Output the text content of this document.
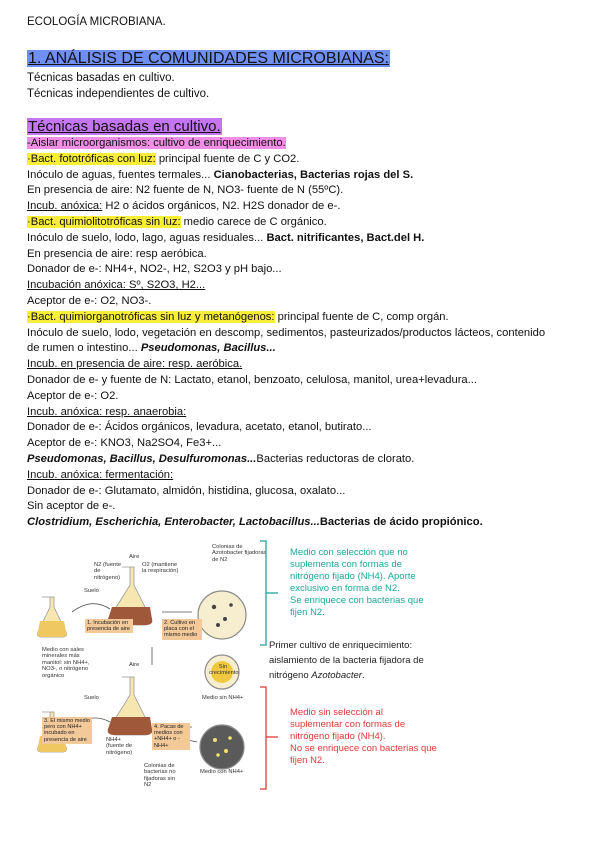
ECOLOGÍA MICROBIANA.
1. ANÁLISIS DE COMUNIDADES MICROBIANAS:
Técnicas basadas en cultivo.
Técnicas independientes de cultivo.
Técnicas basadas en cultivo.
-Aislar microorganismos: cultivo de enriquecimiento.
·Bact. fototróficas con luz: principal fuente de C y CO2.
Inóculo de aguas, fuentes termales... Cianobacterias, Bacterias rojas del S.
En presencia de aire: N2 fuente de N, NO3- fuente de N (55ºC).
Incub. anóxica: H2 o ácidos orgánicos, N2. H2S donador de e-.
·Bact. quimiolitotróficas sin luz: medio carece de C orgánico.
Inóculo de suelo, lodo, lago, aguas residuales... Bact. nitrificantes, Bact.del H.
En presencia de aire: resp aeróbica.
Donador de e-: NH4+, NO2-, H2, S2O3 y pH bajo...
Incubación anóxica: Sº, S2O3, H2...
Aceptor de e-: O2, NO3-.
·Bact. quimiorganotróficas sin luz y metanógenos: principal fuente de C, comp orgán.
Inóculo de suelo, lodo, vegetación en descomp, sedimentos, pasteurizados/productos lácteos, contenido
de rumen o intestino... Pseudomonas, Bacillus...
Incub. en presencia de aire: resp. aeróbica.
Donador de e- y fuente de N: Lactato, etanol, benzoato, celulosa, manitol, urea+levadura...
Aceptor de e-: O2.
Incub. anóxica: resp. anaerobia:
Donador de e-: Ácidos orgánicos, levadura, acetato, etanol, butirato...
Aceptor de e-: KNO3, Na2SO4, Fe3+...
Pseudomonas, Bacillus, Desulfuromonas...Bacterias reductoras de clorato.
Incub. anóxica: fermentación:
Donador de e-: Glutamato, almidón, histidina, glucosa, oxalato...
Sin aceptor de e-.
Clostridium, Escherichia, Enterobacter, Lactobacillus...Bacterias de ácido propiónico.
Colonias de Azotobacter fijadoras de N2
Aire
N2 (fuente de nitrógeno)
O2 (mantiene la respiración)
Suelo
1. Incubación en presencia de aire
2. Cultivo en placa con el mismo medio
Medio con sales minerales más manitol: sin NH4+, NO3-, o nitrógeno orgánico
Aire	Sin crecimiento
Medio sin NH4+
Suelo
3. El mismo medio pero con NH4+ incubado en presencia de aire	NH4+ (fuente de nitrógeno)
4. Pacas de medios con +NH4+ o -NH4+
Colonias de bacterias no fijadoras sin N2
Medio con NH4+
Medio con selección que no
suplementa con formas de
nitrógeno fijado (NH4). Aporte
exclusivo en forma de N2.
Se enriquece con bacterias que
fijen N2.
Primer cultivo de enriquecimiento:
aislamiento de la bacteria fijadora de
nitrógeno Azotobacter.
Medio sin selección al
suplementar con formas de
nitrógeno fijado (NH4).
No se enriquece con bacterias que
fijen N2.
